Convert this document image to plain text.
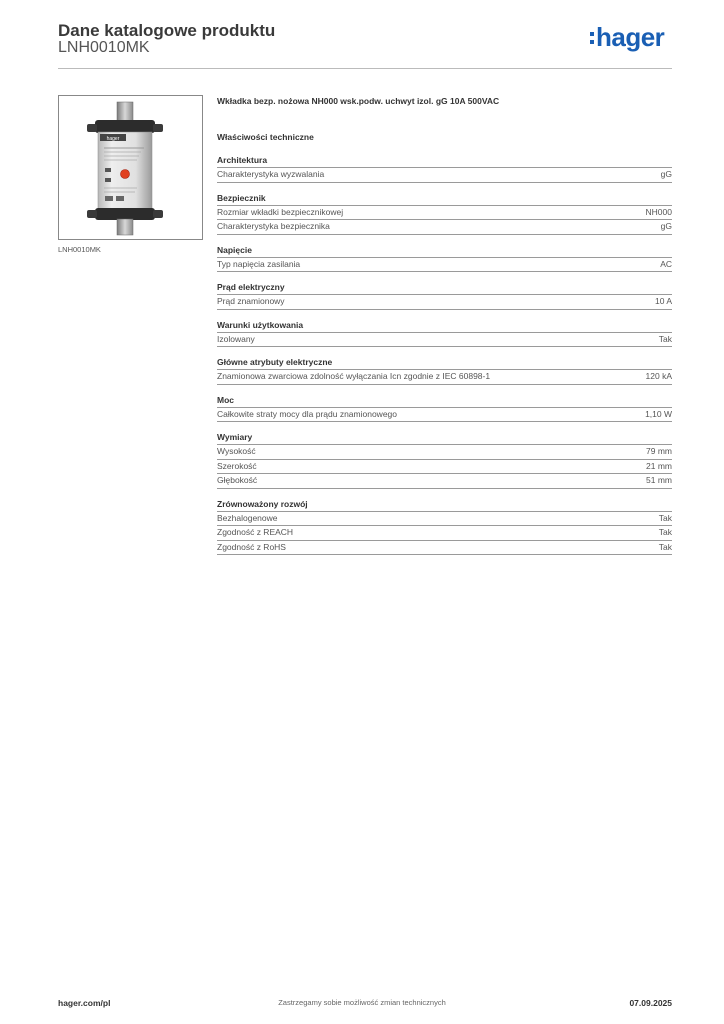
Dane katalogowe produktu
LNH0010MK	hager
hager
LNH0010MK
Wkładka bezp. nożowa NH000 wsk.podw. uchwyt izol. gG 10A 500VAC
Właściwości techniczne
Architektura
Charakterystyka wyzwalania	gG
Bezpiecznik
Rozmiar wkładki bezpiecznikowej	NH000
Charakterystyka bezpiecznika	gG
Napięcie
Typ napięcia zasilania	AC
Prąd elektryczny
Prąd znamionowy	10 A
Warunki użytkowania
Izolowany	Tak
Główne atrybuty elektryczne
Znamionowa zwarciowa zdolność wyłączania Icn zgodnie z IEC 60898-1	120 kA
Moc
Całkowite straty mocy dla prądu znamionowego	1,10 W
Wymiary
Wysokość	79 mm
Szerokość	21 mm
Głębokość	51 mm
Zrównoważony rozwój
Bezhalogenowe	Tak
Zgodność z REACH	Tak
Zgodność z RoHS	Tak
hager.com/pl	Zastrzegamy sobie możliwość zmian technicznych	07.09.2025
